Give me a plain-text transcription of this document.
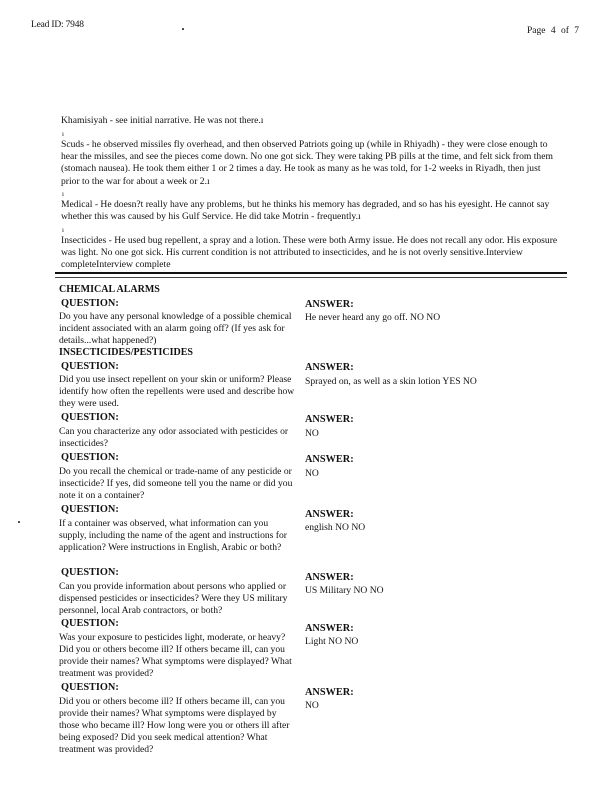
Lead ID: 7948
Page 4 of 7
Khamisiyah - see initial narrative. He was not there.ı
ı
Scuds - he observed missiles fly overhead, and then observed Patriots going up (while in Rhiyadh) - they were close enough to hear the missiles, and see the pieces come down. No one got sick. They were taking PB pills at the time, and felt sick from them (stomach nausea). He took them either 1 or 2 times a day. He took as many as he was told, for 1-2 weeks in Riyadh, then just prior to the war for about a week or 2.ı
ı
Medical - He doesn?t really have any problems, but he thinks his memory has degraded, and so has his eyesight. He cannot say whether this was caused by his Gulf Service. He did take Motrin - frequently.ı
ı
Insecticides - He used bug repellent, a spray and a lotion. These were both Army issue. He does not recall any odor. His exposure was light. No one got sick. His current condition is not attributed to insecticides, and he is not overly sensitive.Interview completeInterview complete
CHEMICAL ALARMS
QUESTION:
Do you have any personal knowledge of a possible chemical incident associated with an alarm going off? (If yes ask for details...what happened?)
ANSWER:
He never heard any go off. NO NO
INSECTICIDES/PESTICIDES
QUESTION:
Did you use insect repellent on your skin or uniform? Please identify how often the repellents were used and describe how they were used.
ANSWER:
Sprayed on, as well as a skin lotion YES NO
QUESTION:
Can you characterize any odor associated with pesticides or insecticides?
ANSWER:
NO
QUESTION:
Do you recall the chemical or trade-name of any pesticide or insecticide? If yes, did someone tell you the name or did you note it on a container?
ANSWER:
NO
QUESTION:
If a container was observed, what information can you supply, including the name of the agent and instructions for application? Were instructions in English, Arabic or both?
ANSWER:
english NO NO
QUESTION:
Can you provide information about persons who applied or dispensed pesticides or insecticides? Were they US military personnel, local Arab contractors, or both?
ANSWER:
US Military NO NO
QUESTION:
Was your exposure to pesticides light, moderate, or heavy? Did you or others become ill? If others became ill, can you provide their names? What symptoms were displayed? What treatment was provided?
ANSWER:
Light NO NO
QUESTION:
Did you or others become ill? If others became ill, can you provide their names? What symptoms were displayed by those who became ill? How long were you or others ill after being exposed? Did you seek medical attention? What treatment was provided?
ANSWER:
NO
